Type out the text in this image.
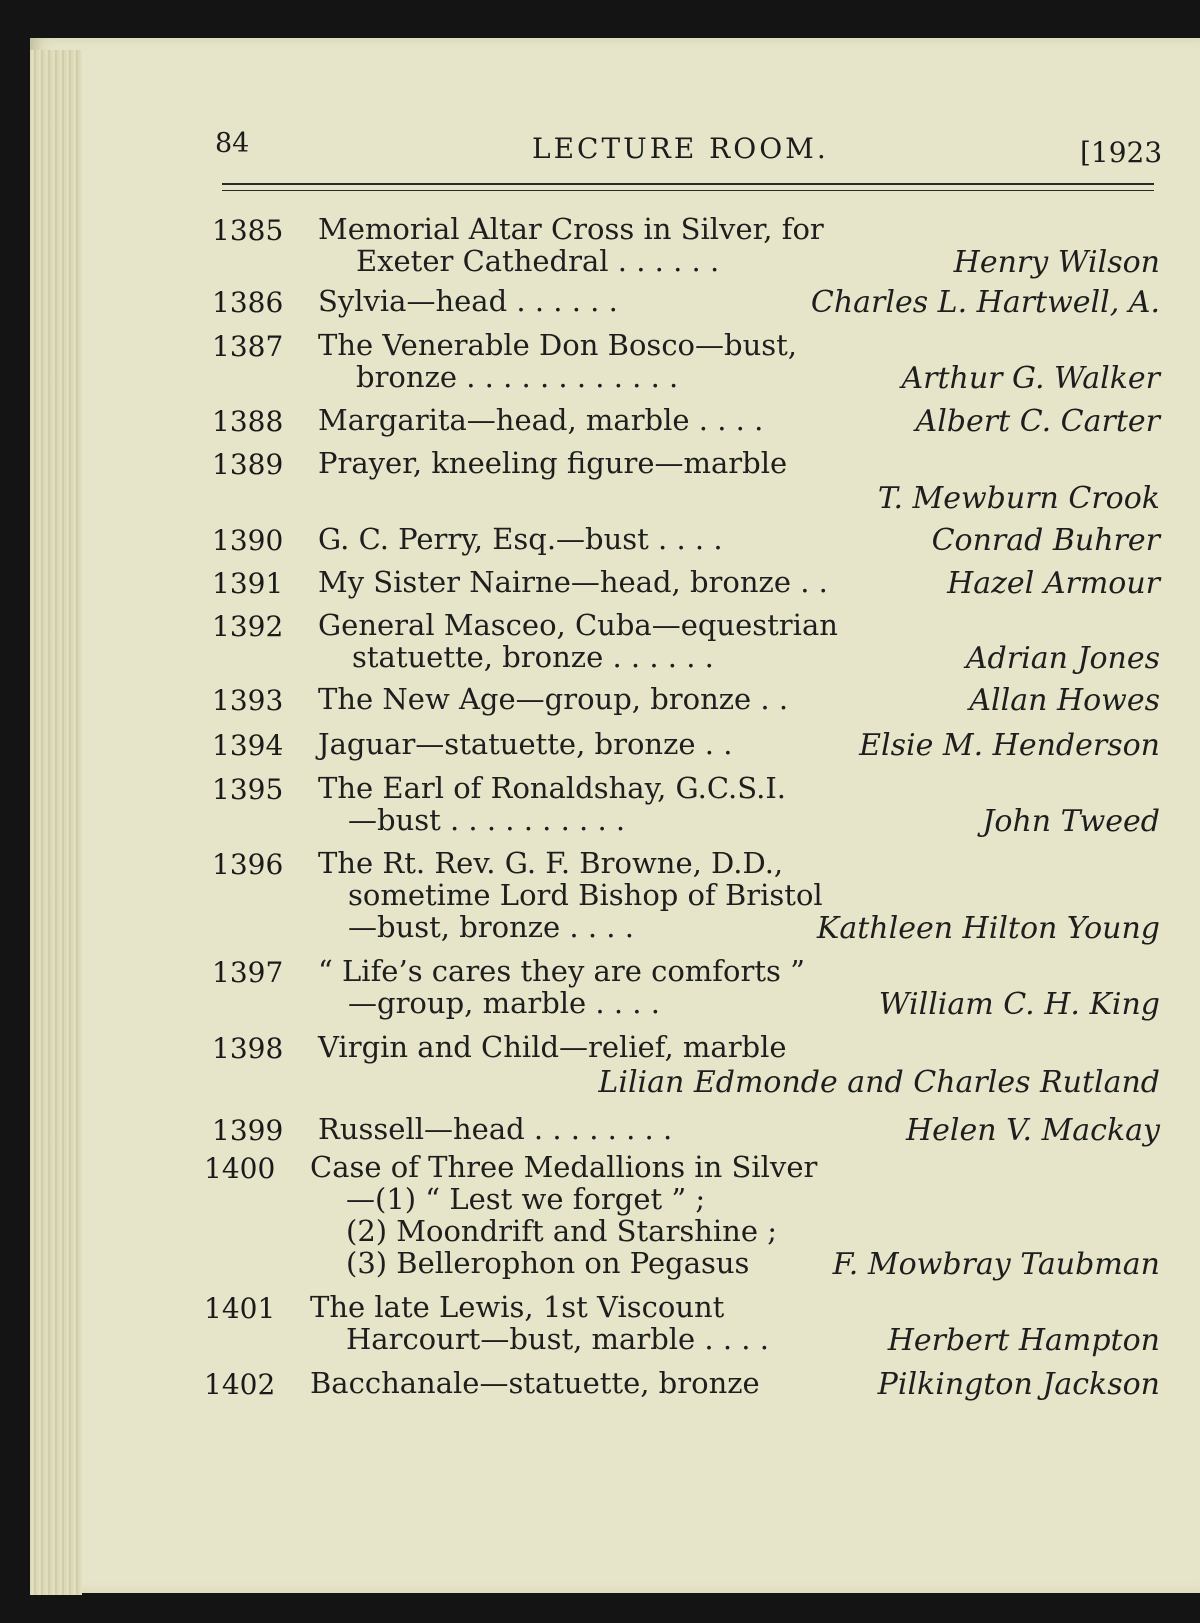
84	LECTURE ROOM.	[1923
1385 Memorial Altar Cross in Silver, for
Exeter Cathedral . . . . . .	Henry Wilson
1386 Sylvia—head . . . . . .	Charles L. Hartwell, A.
1387 The Venerable Don Bosco—bust,
bronze . . . . . . . . . . . .	Arthur G. Walker
1388 Margarita—head, marble . . . .	Albert C. Carter
1389 Prayer, kneeling figure—marble
T. Mewburn Crook
1390 G. C. Perry, Esq.—bust . . . .	Conrad Buhrer
1391 My Sister Nairne—head, bronze . .	Hazel Armour
1392 General Masceo, Cuba—equestrian
statuette, bronze . . . . . .	Adrian Jones
1393 The New Age—group, bronze . .	Allan Howes
1394 Jaguar—statuette, bronze . .	Elsie M. Henderson
1395 The Earl of Ronaldshay, G.C.S.I.
—bust . . . . . . . . . .	John Tweed
1396 The Rt. Rev. G. F. Browne, D.D.,
sometime Lord Bishop of Bristol
—bust, bronze . . . .	Kathleen Hilton Young
1397 “ Life’s cares they are comforts ”
—group, marble . . . .	William C. H. King
1398 Virgin and Child—relief, marble
Lilian Edmonde and Charles Rutland
1399 Russell—head . . . . . . . .	Helen V. Mackay
1400 Case of Three Medallions in Silver
—(1) “ Lest we forget ” ;
(2) Moondrift and Starshine ;
(3) Bellerophon on Pegasus	F. Mowbray Taubman
1401 The late Lewis, 1st Viscount
Harcourt—bust, marble . . . .	Herbert Hampton
1402 Bacchanale—statuette, bronze	Pilkington Jackson
